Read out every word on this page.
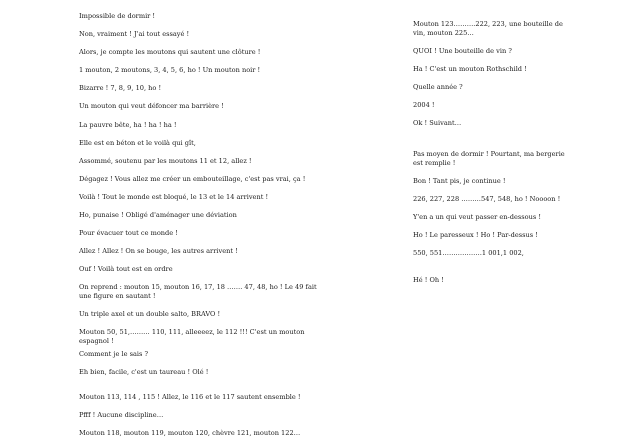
Impossible de dormir !
Non, vraiment ! J'ai tout essayé !
Alors, je compte les moutons qui sautent une clôture !
1 mouton, 2 moutons, 3, 4, 5, 6, ho ! Un mouton noir !
Bizarre ! 7, 8, 9, 10, ho !
Un mouton qui veut défoncer ma barrière !
La pauvre bête, ha ! ha ! ha !
Elle est en béton et le voilà qui gît,
Assommé, soutenu par les moutons 11 et 12, allez !
Dégagez ! Vous allez me créer un embouteillage, c'est pas vrai, ça !
Voilà ! Tout le monde est bloqué, le 13 et le 14 arrivent !
Ho, punaise ! Obligé d'aménager une déviation
Pour évacuer tout ce monde !
Allez ! Allez ! On se bouge, les autres arrivent !
Ouf ! Voilà tout est en ordre
On reprend : mouton 15, mouton 16, 17, 18 ……. 47, 48, ho ! Le 49 fait une figure en sautant !
Un triple axel et un double salto, BRAVO !
Mouton 50, 51,……… 110, 111, alleeeez, le 112 !!! C'est un mouton espagnol !
Comment je le sais ?
Eh bien, facile, c'est un taureau ! Olé !
Mouton 113, 114 , 115 ! Allez, le 116 et le 117 sautent ensemble !
Pfff ! Aucune discipline…
Mouton 118, mouton 119, mouton 120, chèvre 121, mouton 122…
Mouton 123……….222, 223, une bouteille de vin, mouton 225…
QUOI ! Une bouteille de vin ?
Ha ! C'est un mouton Rothschild !
Quelle année ?
2004 !
Ok ! Suivant…
Pas moyen de dormir ! Pourtant, ma bergerie est remplie !
Bon ! Tant pis, je continue !
226, 227, 228 ………547, 548, ho ! Noooon !
Y'en a un qui veut passer en-dessous !
Ho ! Le paresseux ! Ho ! Par-dessus !
550, 551………………1 001,1 002,
Hé ! Oh !
